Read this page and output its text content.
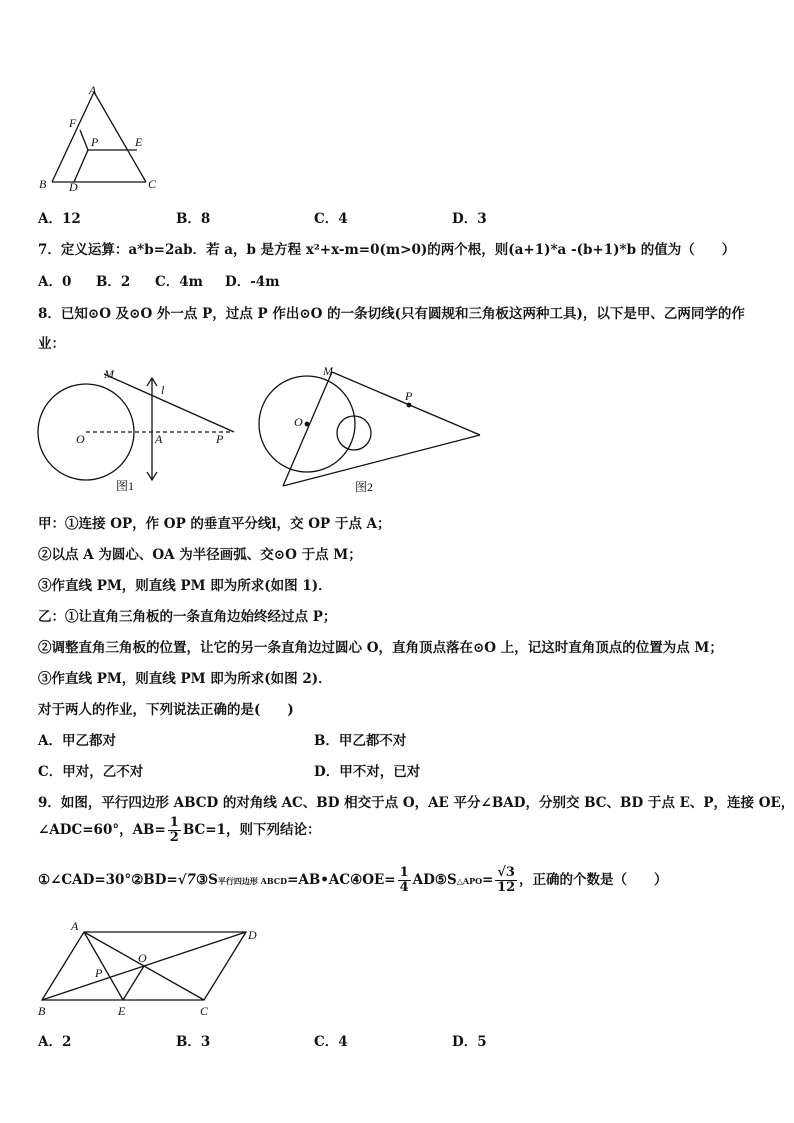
A
F
P	E
B D	C
A．12	B．8	C．4	D．3
7．定义运算：a*b=2ab．若 a，b 是方程 x²+x-m=0(m>0)的两个根，则(a+1)*a -(b+1)*b 的值为（　　）
A．0 B．2 C．4m D．-4m
8．已知⊙O 及⊙O 外一点 P，过点 P 作出⊙O 的一条切线(只有圆规和三角板这两种工具)，以下是甲、乙两同学的作
业：
M
l
O	A	P
图1
M
P
O
图2
甲：①连接 OP，作 OP 的垂直平分线l，交 OP 于点 A；
②以点 A 为圆心、OA 为半径画弧、交⊙O 于点 M；
③作直线 PM，则直线 PM 即为所求(如图 1)．
乙：①让直角三角板的一条直角边始终经过点 P；
②调整直角三角板的位置，让它的另一条直角边过圆心 O，直角顶点落在⊙O 上，记这时直角顶点的位置为点 M；
③作直线 PM，则直线 PM 即为所求(如图 2)．
对于两人的作业，下列说法正确的是(　　)
A．甲乙都对	B．甲乙都不对
C．甲对，乙不对	D．甲不对，已对
9．如图，平行四边形 ABCD 的对角线 AC、BD 相交于点 O，AE 平分∠BAD，分别交 BC、BD 于点 E、P，连接 OE，
∠ADC=60°，$AB= \frac{1}{2} BC=1$，则下列结论：
①∠CAD=30°②BD=√7③S平行四边形 ABCD=AB•AC④OE= $\frac{1}{4}$ AD⑤S△APO= $\frac{√3}{12}$ ，正确的个数是（　　）
A
D
O
P
B	E	C
A．2	B．3	C．4	D．5
